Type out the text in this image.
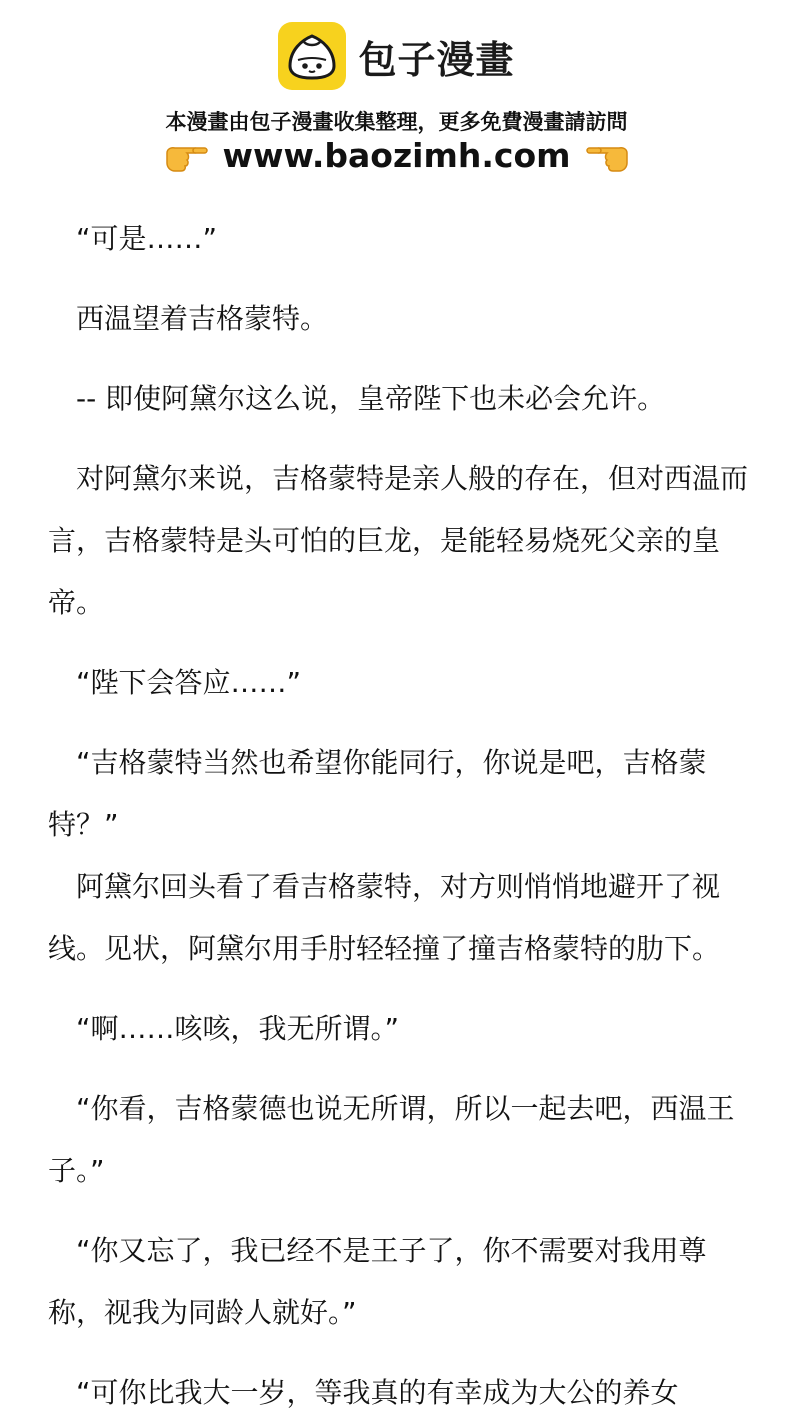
包子漫畫
本漫畫由包子漫畫收集整理，更多免費漫畫請訪問
www.baozimh.com

“可是……”

西温望着吉格蒙特。

-- 即使阿黛尔这么说，皇帝陛下也未必会允许。

对阿黛尔来说，吉格蒙特是亲人般的存在，但对西温而言，吉格蒙特是头可怕的巨龙，是能轻易烧死父亲的皇帝。

“陛下会答应……”

“吉格蒙特当然也希望你能同行，你说是吧，吉格蒙特？”

阿黛尔回头看了看吉格蒙特，对方则悄悄地避开了视线。见状，阿黛尔用手肘轻轻撞了撞吉格蒙特的肋下。

“啊……咳咳，我无所谓。”

“你看，吉格蒙德也说无所谓，所以一起去吧，西温王子。”

“你又忘了，我已经不是王子了，你不需要对我用尊称，视我为同龄人就好。”

“可你比我大一岁，等我真的有幸成为大公的养女
